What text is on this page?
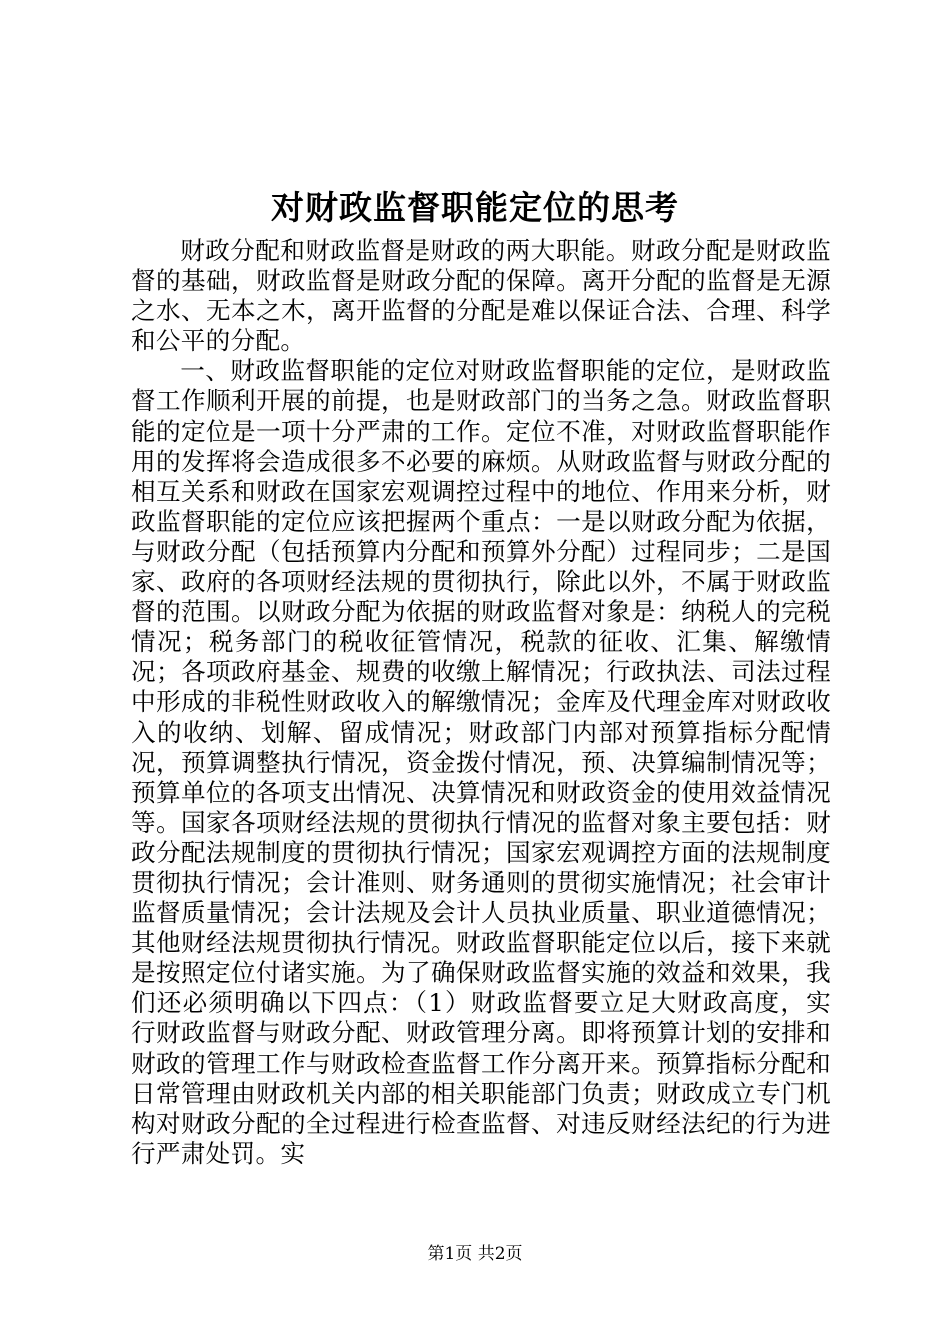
对财政监督职能定位的思考

财政分配和财政监督是财政的两大职能。财政分配是财政监督的基础，财政监督是财政分配的保障。离开分配的监督是无源之水、无本之木，离开监督的分配是难以保证合法、合理、科学和公平的分配。

一、财政监督职能的定位对财政监督职能的定位，是财政监督工作顺利开展的前提，也是财政部门的当务之急。财政监督职能的定位是一项十分严肃的工作。定位不准，对财政监督职能作用的发挥将会造成很多不必要的麻烦。从财政监督与财政分配的相互关系和财政在国家宏观调控过程中的地位、作用来分析，财政监督职能的定位应该把握两个重点：一是以财政分配为依据，与财政分配（包括预算内分配和预算外分配）过程同步；二是国家、政府的各项财经法规的贯彻执行，除此以外，不属于财政监督的范围。以财政分配为依据的财政监督对象是：纳税人的完税情况；税务部门的税收征管情况，税款的征收、汇集、解缴情况；各项政府基金、规费的收缴上解情况；行政执法、司法过程中形成的非税性财政收入的解缴情况；金库及代理金库对财政收入的收纳、划解、留成情况；财政部门内部对预算指标分配情况，预算调整执行情况，资金拨付情况，预、决算编制情况等；预算单位的各项支出情况、决算情况和财政资金的使用效益情况等。国家各项财经法规的贯彻执行情况的监督对象主要包括：财政分配法规制度的贯彻执行情况；国家宏观调控方面的法规制度贯彻执行情况；会计准则、财务通则的贯彻实施情况；社会审计监督质量情况；会计法规及会计人员执业质量、职业道德情况；其他财经法规贯彻执行情况。财政监督职能定位以后，接下来就是按照定位付诸实施。为了确保财政监督实施的效益和效果，我们还必须明确以下四点：（1）财政监督要立足大财政高度，实行财政监督与财政分配、财政管理分离。即将预算计划的安排和财政的管理工作与财政检查监督工作分离开来。预算指标分配和日常管理由财政机关内部的相关职能部门负责；财政成立专门机构对财政分配的全过程进行检查监督、对违反财经法纪的行为进行严肃处罚。实

第1页 共2页
